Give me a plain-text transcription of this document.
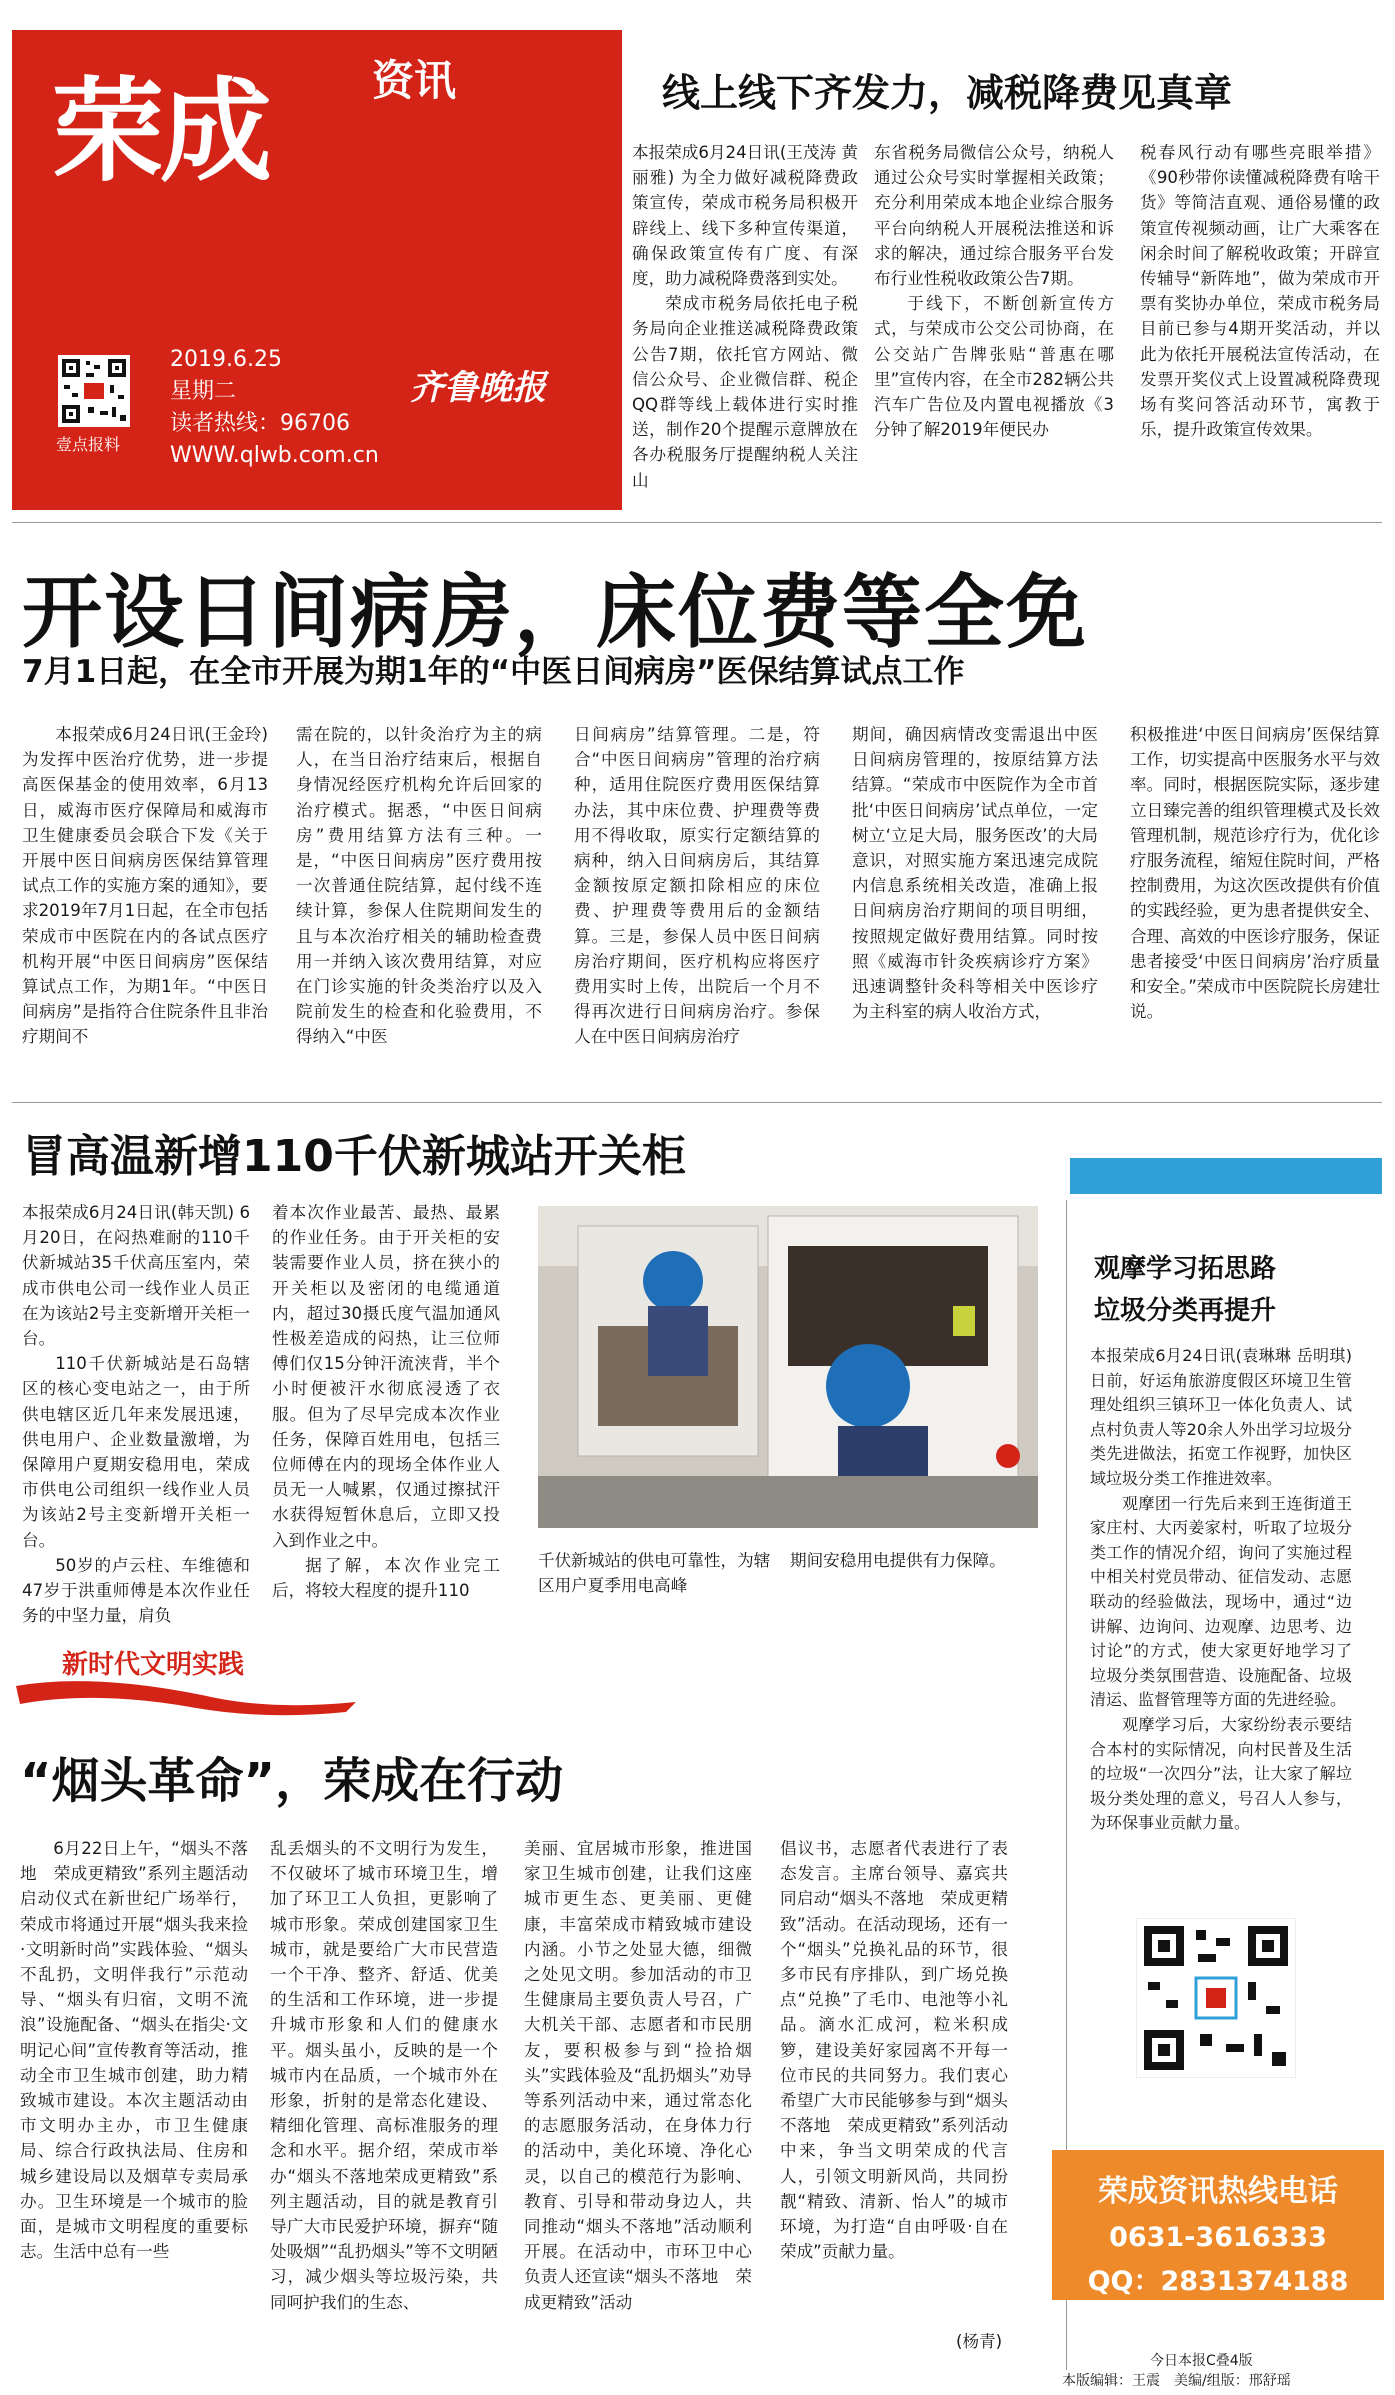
荣成 资讯
壹点报料
2019.6.25
星期二
读者热线：96706
WWW.qlwb.com.cn
齐鲁晚报
线上线下齐发力，减税降费见真章

本报荣成6月24日讯(王茂涛 黄丽雅) 为全力做好减税降费政策宣传，荣成市税务局积极开辟线上、线下多种宣传渠道，确保政策宣传有广度、有深度，助力减税降费落到实处。

荣成市税务局依托电子税务局向企业推送减税降费政策公告7期，依托官方网站、微信公众号、企业微信群、税企QQ群等线上载体进行实时推送，制作20个提醒示意牌放在各办税服务厅提醒纳税人关注山

东省税务局微信公众号，纳税人通过公众号实时掌握相关政策；充分利用荣成本地企业综合服务平台向纳税人开展税法推送和诉求的解决，通过综合服务平台发布行业性税收政策公告7期。

于线下，不断创新宣传方式，与荣成市公交公司协商，在公交站广告牌张贴“普惠在哪里”宣传内容，在全市282辆公共汽车广告位及内置电视播放《3分钟了解2019年便民办

税春风行动有哪些亮眼举措》《90秒带你读懂减税降费有啥干货》等简洁直观、通俗易懂的政策宣传视频动画，让广大乘客在闲余时间了解税收政策；开辟宣传辅导“新阵地”，做为荣成市开票有奖协办单位，荣成市税务局目前已参与4期开奖活动，并以此为依托开展税法宣传活动，在发票开奖仪式上设置减税降费现场有奖问答活动环节，寓教于乐，提升政策宣传效果。

开设日间病房，床位费等全免
7月1日起，在全市开展为期1年的“中医日间病房”医保结算试点工作

本报荣成6月24日讯(王金玲) 为发挥中医治疗优势，进一步提高医保基金的使用效率，6月13日，威海市医疗保障局和威海市卫生健康委员会联合下发《关于开展中医日间病房医保结算管理试点工作的实施方案的通知》，要求2019年7月1日起，在全市包括荣成市中医院在内的各试点医疗机构开展“中医日间病房”医保结算试点工作，为期1年。“中医日间病房”是指符合住院条件且非治疗期间不

需在院的，以针灸治疗为主的病人，在当日治疗结束后，根据自身情况经医疗机构允许后回家的治疗模式。据悉，“中医日间病房”费用结算方法有三种。一是，“中医日间病房”医疗费用按一次普通住院结算，起付线不连续计算，参保人住院期间发生的且与本次治疗相关的辅助检查费用一并纳入该次费用结算，对应在门诊实施的针灸类治疗以及入院前发生的检查和化验费用，不得纳入“中医

日间病房”结算管理。二是，符合“中医日间病房”管理的治疗病种，适用住院医疗费用医保结算办法，其中床位费、护理费等费用不得收取，原实行定额结算的病种，纳入日间病房后，其结算金额按原定额扣除相应的床位费、护理费等费用后的金额结算。三是，参保人员中医日间病房治疗期间，医疗机构应将医疗费用实时上传，出院后一个月不得再次进行日间病房治疗。参保人在中医日间病房治疗

期间，确因病情改变需退出中医日间病房管理的，按原结算方法结算。“荣成市中医院作为全市首批‘中医日间病房’试点单位，一定树立‘立足大局，服务医改’的大局意识，对照实施方案迅速完成院内信息系统相关改造，准确上报日间病房治疗期间的项目明细，按照规定做好费用结算。同时按照《威海市针灸疾病诊疗方案》迅速调整针灸科等相关中医诊疗为主科室的病人收治方式，

积极推进‘中医日间病房’医保结算工作，切实提高中医服务水平与效率。同时，根据医院实际，逐步建立日臻完善的组织管理模式及长效管理机制，规范诊疗行为，优化诊疗服务流程，缩短住院时间，严格控制费用，为这次医改提供有价值的实践经验，更为患者提供安全、合理、高效的中医诊疗服务，保证患者接受‘中医日间病房’治疗质量和安全。”荣成市中医院院长房建壮说。

冒高温新增110千伏新城站开关柜

本报荣成6月24日讯(韩天凯) 6月20日，在闷热难耐的110千伏新城站35千伏高压室内，荣成市供电公司一线作业人员正在为该站2号主变新增开关柜一台。

110千伏新城站是石岛辖区的核心变电站之一，由于所供电辖区近几年来发展迅速，供电用户、企业数量激增，为保障用户夏期安稳用电，荣成市供电公司组织一线作业人员为该站2号主变新增开关柜一台。

50岁的卢云柱、车维德和47岁于洪重师傅是本次作业任务的中坚力量，肩负

着本次作业最苦、最热、最累的作业任务。由于开关柜的安装需要作业人员，挤在狭小的开关柜以及密闭的电缆通道内，超过30摄氏度气温加通风性极差造成的闷热，让三位师傅们仅15分钟汗流浃背，半个小时便被汗水彻底浸透了衣服。但为了尽早完成本次作业任务，保障百姓用电，包括三位师傅在内的现场全体作业人员无一人喊累，仅通过擦拭汗水获得短暂休息后，立即又投入到作业之中。

据了解，本次作业完工后，将较大程度的提升110

千伏新城站的供电可靠性，为辖区用户夏季用电高峰
期间安稳用电提供有力保障。
观摩学习拓思路
垃圾分类再提升

本报荣成6月24日讯(袁琳琳 岳明琪) 日前，好运角旅游度假区环境卫生管理处组织三镇环卫一体化负责人、试点村负责人等20余人外出学习垃圾分类先进做法，拓宽工作视野，加快区域垃圾分类工作推进效率。

观摩团一行先后来到王连街道王家庄村、大丙姜家村，听取了垃圾分类工作的情况介绍，询问了实施过程中相关村党员带动、征信发动、志愿联动的经验做法，现场中，通过“边讲解、边询问、边观摩、边思考、边讨论”的方式，使大家更好地学习了垃圾分类氛围营造、设施配备、垃圾清运、监督管理等方面的先进经验。

观摩学习后，大家纷纷表示要结合本村的实际情况，向村民普及生活的垃圾“一次四分”法，让大家了解垃圾分类处理的意义，号召人人参与，为环保事业贡献力量。

荣成资讯热线电话
0631-3616333
QQ：2831374188
新时代文明实践
“烟头革命”，荣成在行动

6月22日上午，“烟头不落地　荣成更精致”系列主题活动启动仪式在新世纪广场举行，荣成市将通过开展“烟头我来捡·文明新时尚”实践体验、“烟头不乱扔，文明伴我行”示范动导、“烟头有归宿，文明不流浪”设施配备、“烟头在指尖·文明记心间”宣传教育等活动，推动全市卫生城市创建，助力精致城市建设。本次主题活动由市文明办主办，市卫生健康局、综合行政执法局、住房和城乡建设局以及烟草专卖局承办。卫生环境是一个城市的脸面，是城市文明程度的重要标志。生活中总有一些

乱丢烟头的不文明行为发生，不仅破坏了城市环境卫生，增加了环卫工人负担，更影响了城市形象。荣成创建国家卫生城市，就是要给广大市民营造一个干净、整齐、舒适、优美的生活和工作环境，进一步提升城市形象和人们的健康水平。烟头虽小，反映的是一个城市内在品质，一个城市外在形象，折射的是常态化建设、精细化管理、高标准服务的理念和水平。据介绍，荣成市举办“烟头不落地荣成更精致”系列主题活动，目的就是教育引导广大市民爱护环境，摒弃“随处吸烟”“乱扔烟头”等不文明陋习，减少烟头等垃圾污染，共同呵护我们的生态、

美丽、宜居城市形象，推进国家卫生城市创建，让我们这座城市更生态、更美丽、更健康，丰富荣成市精致城市建设内涵。小节之处显大德，细微之处见文明。参加活动的市卫生健康局主要负责人号召，广大机关干部、志愿者和市民朋友，要积极参与到“捡拾烟头”实践体验及“乱扔烟头”劝导等系列活动中来，通过常态化的志愿服务活动，在身体力行的活动中，美化环境、净化心灵，以自己的模范行为影响、教育、引导和带动身边人，共同推动“烟头不落地”活动顺利开展。在活动中，市环卫中心负责人还宣读“烟头不落地　荣成更精致”活动

倡议书，志愿者代表进行了表态发言。主席台领导、嘉宾共同启动“烟头不落地　荣成更精致”活动。在活动现场，还有一个“烟头”兑换礼品的环节，很多市民有序排队，到广场兑换点“兑换”了毛巾、电池等小礼品。滴水汇成河，粒米积成箩，建设美好家园离不开每一位市民的共同努力。我们衷心希望广大市民能够参与到“烟头不落地　荣成更精致”系列活动中来，争当文明荣成的代言人，引领文明新风尚，共同扮靓“精致、清新、怡人”的城市环境，为打造“自由呼吸·自在荣成”贡献力量。

(杨青)
今日本报C叠4版
本版编辑：王震　美编/组版：邢舒瑶
